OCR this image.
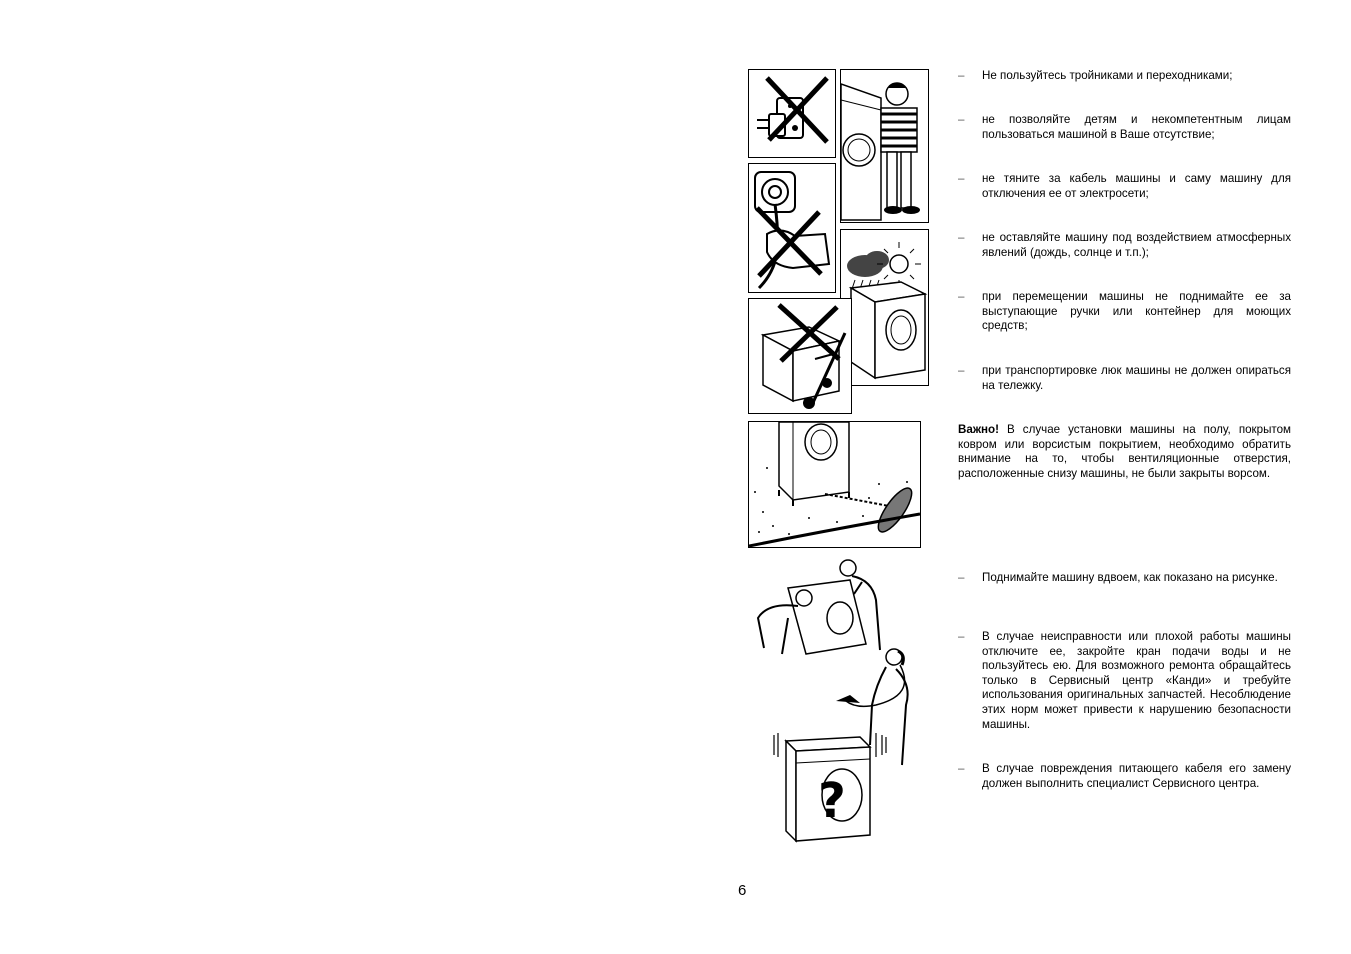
?
– Не пользуйтесь тройниками и переходниками;
– не позволяйте детям и некомпетентным лицам пользоваться машиной в Ваше отсутствие;
– не тяните за кабель машины и саму машину для отключения ее от электросети;
– не оставляйте машину под воздействием атмосферных явлений (дождь, солнце и т.п.);
– при перемещении машины не поднимайте ее за выступающие ручки или контейнер для моющих средств;
– при транспортировке люк машины не должен опираться на тележку.
Важно! В случае установки машины на полу, покрытом ковром или ворсистым покрытием, необходимо обратить внимание на то, чтобы вентиляционные отверстия, расположенные снизу машины, не были закрыты ворсом.
– Поднимайте машину вдвоем, как показано на рисунке.
– В случае неисправности или плохой работы машины отключите ее, закройте кран подачи воды и не пользуйтесь ею. Для возможного ремонта обращайтесь только в Сервисный центр «Канди» и требуйте использования оригинальных запчастей. Несоблюдение этих норм может привести к нарушению безопасности машины.
– В случае повреждения питающего кабеля его замену должен выполнить специалист Сервисного центра.
6
